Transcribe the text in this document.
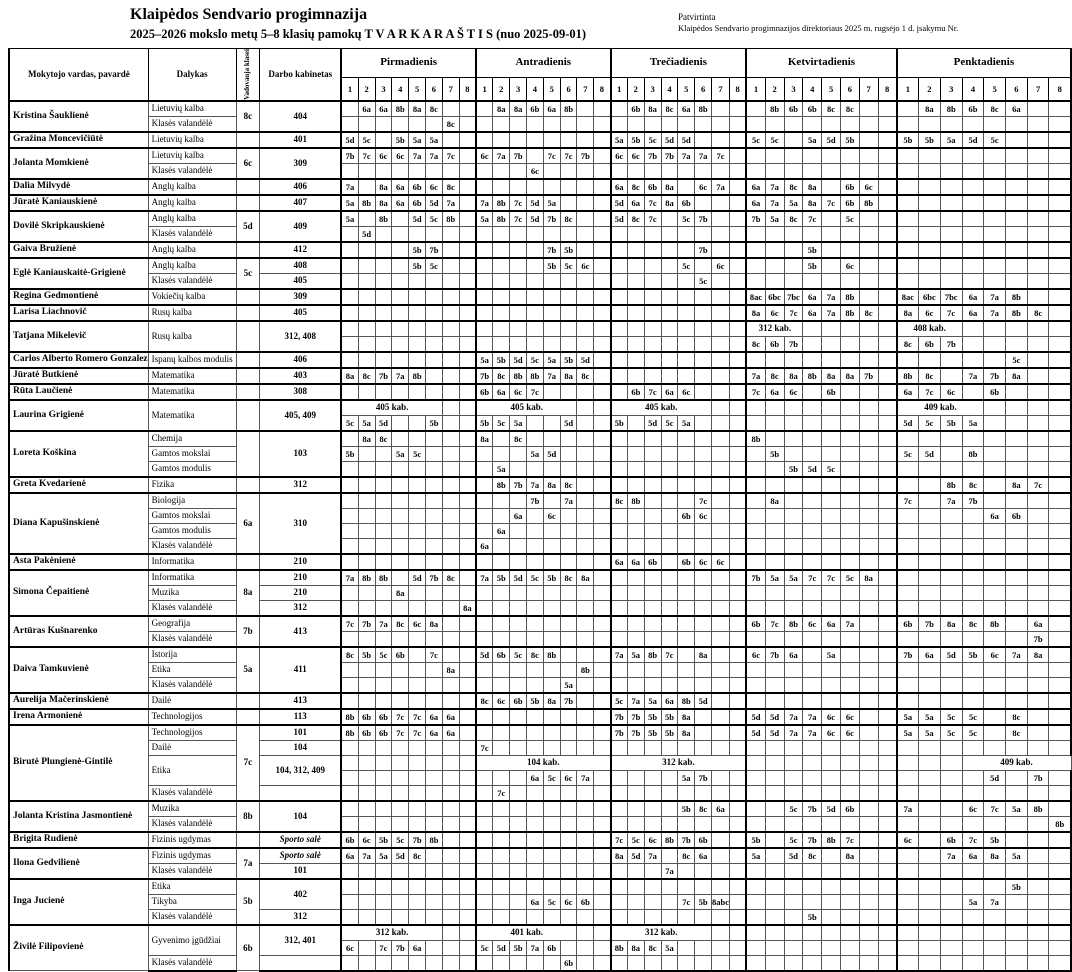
Klaipėdos Sendvario progimnazija
2025–2026 mokslo metų 5–8 klasių pamokų T V A R K A R A Š T I S (nuo 2025-09-01)
Patvirtinta
Klaipėdos Sendvario progimnazijos direktoriaus 2025 m. rugsėjo 1 d. įsakymu Nr.
Mokytojo vardas, pavardė	Dalykas	Vadovauja klasei	Darbo kabinetas	Pirmadienis								Antradienis								Trečiadienis								Ketvirtadienis								Penktadienis							
				1	2	3	4	5	6	7	8	1	2	3	4	5	6	7	8	1	2	3	4	5	6	7	8	1	2	3	4	5	6	7	8	1	2	3	4	5	6	7	8
Kristina Šauklienė	Lietuvių kalba	8c	404		6a	6a	8b	8a	8c				8a	8a	6b	6a	8b				6b	8a	8c	6a	8b				8b	6b	6b	8c	8c				8a	8b	6b	8c	6a		
	Klasės valandėlė									8c																																	
Gražina Moncevičiūtė	Lietuvių kalba		401	5d	5c		5b	5a	5a											5a	5b	5c	5d	5d				5c	5c		5a	5d	5b			5b	5b	5a	5d	5c			
Jolanta Momkienė	Lietuvių kalba	6c	309	7b	7c	6c	6c	7a	7a	7c		6c	7a	7b		7c	7c	7b		6c	6c	7b	7b	7a	7a	7c																	
	Klasės valandėlė														6c																												
Dalia Milvydė	Anglų kalba		406	7a		8a	6a	6b	6c	8c										6a	8c	6b	8a		6c	7a		6a	7a	8c	8a		6b	6c									
Jūratė Kaniauskienė	Anglų kalba		407	5a	8b	8a	6a	6b	5d	7a		7a	8b	7c	5d	5a				5d	6a	7c	8a	6b				6a	7a	5a	8a	7c	6b	8b									
Dovilė Skripkauskienė	Anglų kalba	5d	409	5a		8b		5d	5c	8b		5a	8b	7c	5d	7b	8c			5d	8c	7c		5c	7b			7b	5a	8c	7c		5c										
	Klasės valandėlė				5d																																						
Gaiva Bružienė	Anglų kalba		412					5b	7b							7b	5b								7b						5b												
Eglė Kaniauskaitė-Grigienė	Anglų kalba	5c	408					5b	5c							5b	5c	6c						5c		6c					5b		6c										
	Klasės valandėlė		405																						5c																		
Regina Gedmontienė	Vokiečių kalba		309																									8ac	6bc	7bc	6a	7a	8b			8ac	6bc	7bc	6a	7a	8b		
Larisa Liachnovič	Rusų kalba		405																									8a	6c	7c	6a	7a	8b	8c		8a	6c	7c	6a	7a	8b	8c	
Tatjana Mikelevič	Rusų kalba		312, 408																									312 kab.								408 kab.							
																												8c	6b	7b						8c	6b	7b					
Carlos Alberto Romero Gonzalez	Ispanų kalbos modulis		406									5a	5b	5d	5c	5a	5b	5d																							5c		
Jūratė Butkienė	Matematika		403	8a	8c	7b	7a	8b				7b	8c	8b	8b	7a	8a	8c										7a	8c	8a	8b	8a	8a	7b		8b	8c		7a	7b	8a		
Rūta Laučienė	Matematika		308									6b	6a	6c	7c						6b	7c	6a	6c				7c	6a	6c		6b				6a	7c	6c		6b			
Laurina Grigienė	Matematika		405, 409	405 kab.								405 kab.								405 kab.																409 kab.							
				5c	5a	5d			5b			5b	5c	5a			5d			5b		5d	5c	5a												5d	5c	5b	5a				
Loreta Koškina	Chemija		103		8a	8c						8a		8c														8b															
	Gamtos mokslai			5b			5a	5c							5a	5d													5b							5c	5d		8b				
	Gamtos modulis												5a																	5b	5d	5c											
Greta Kvedarienė	Fizika		312										8b	7b	7a	8a	8c																					8b	8c		8a	7c	
Diana Kapušinskienė	Biologija	6a	310												7b		7a			8c	8b				7c				8a							7c		7a	7b				
	Gamtos mokslai													6a		6c								6b	6c															6a	6b		
	Gamtos modulis												6a																														
	Klasės valandėlė											6a																															
Asta Pakėnienė	Informatika		210																	6a	6a	6b		6b	6c	6c																	
Simona Čepaitienė	Informatika	8a	210	7a	8b	8b		5d	7b	8c		7a	5b	5d	5c	5b	8c	8a										7b	5a	5a	7c	7c	5c	8a									
	Muzika		210				8a																																				
	Klasės valandėlė		312								8a																																
Artūras Kušnarenko	Geografija	7b	413	7c	7b	7a	8c	6c	8a																			6b	7c	8b	6c	6a	7a			6b	7b	8a	8c	8b		6a	
	Klasės valandėlė																																									7b	
Daiva Tamkuvienė	Istorija	5a	411	8c	5b	5c	6b		7c			5d	6b	5c	8c	8b				7a	5a	8b	7c		8a			6c	7b	6a		5a				7b	6a	5d	5b	6c	7a	8a	
	Etika									8a								8b																									
	Klasės valandėlė																5a																										
Aurelija Mačerinskienė	Dailė		413									8c	6c	6b	5b	8a	7b			5c	7a	5a	6a	8b	5d																		
Irena Armonienė	Technologijos		113	8b	6b	6b	7c	7c	6a	6a										7b	7b	5b	5b	8a				5d	5d	7a	7a	6c	6c			5a	5a	5c	5c		8c		
Birutė Plungienė-Gintilė	Technologijos	7c	101	8b	6b	6b	7c	7c	6a	6a										7b	7b	5b	5b	8a				5d	5d	7a	7a	6c	6c			5a	5a	5c	5c		8c		
	Dailė		104									7c																															
	Etika		104, 312, 409									104 kab.								312 kab.																			409 kab.				
															6a	5c	6c	7a						5a	7b															5d		7b	
	Klasės valandėlė												7c																														
Jolanta Kristina Jasmontienė	Muzika	8b	104																					5b	8c	6a				5c	7b	5d	6b			7a			6c	7c	5a	8b	
	Klasės valandėlė																																										8b
Brigita Rudienė	Fizinis ugdymas		Sporto salė	6b	6c	5b	5c	7b	8b											7c	5c	6c	8b	7b	6b			5b		5c	7b	8b	7c			6c		6b	7c	5b			
Ilona Gedvilienė	Fizinis ugdymas	7a	Sporto salė	6a	7a	5a	5d	8c												8a	5d	7a		8c	6a			5a		5d	8c		8a					7a	6a	8a	5a		
	Klasės valandėlė		101																				7a																				
Inga Jucienė	Etika	5b	402																																						5b		
	Tikyba														6a	5c	6c	6b						7c	5b	8abc													5a	7a			
	Klasės valandėlė		312																												5b												
Živilė Filipovienė	Gyvenimo įgūdžiai	6b	312, 401	312 kab.								401 kab.								312 kab.																							
				6c		7c	7b	6a				5c	5d	5b	7a	6b				8b	8a	8c	5a																				
	Klasės valandėlė																6b																										
